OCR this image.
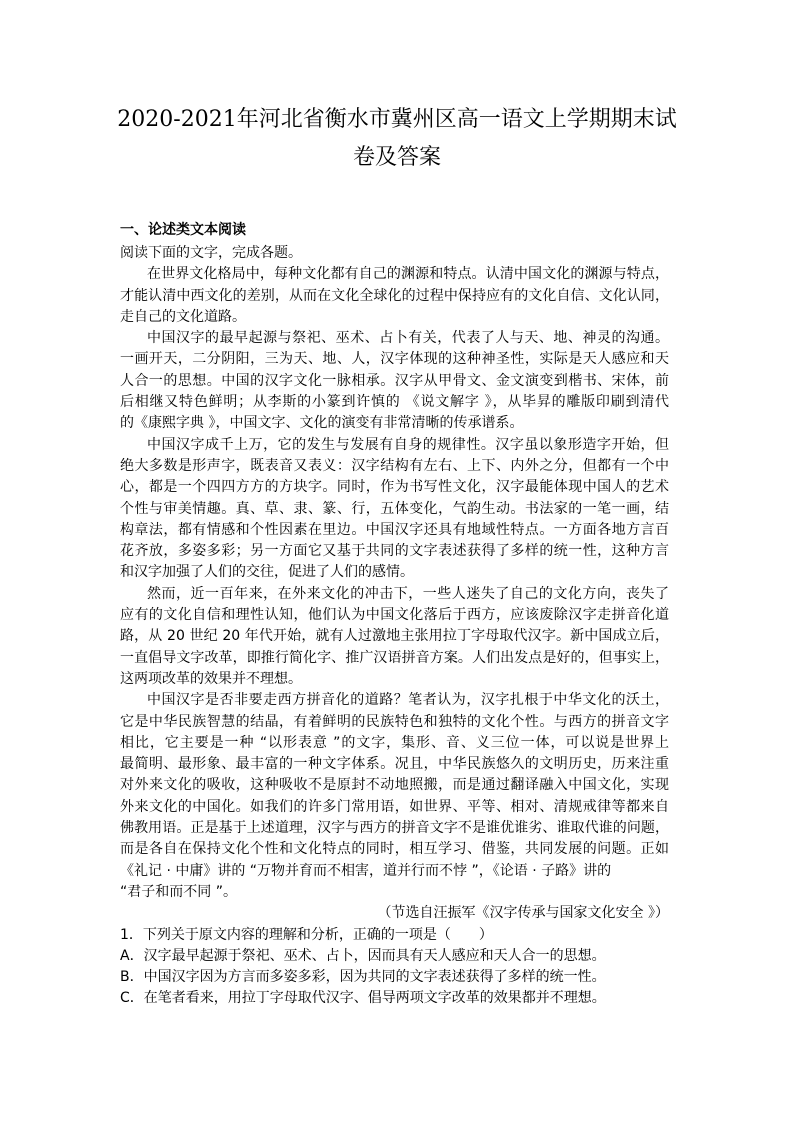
2020-2021年河北省衡水市冀州区高一语文上学期期末试
卷及答案
一、论述类文本阅读
阅读下面的文字，完成各题。
在世界文化格局中，每种文化都有自己的渊源和特点。认清中国文化的渊源与特点，
才能认清中西文化的差别，从而在文化全球化的过程中保持应有的文化自信、文化认同，
走自己的文化道路。
中国汉字的最早起源与祭祀、巫术、占卜有关，代表了人与天、地、神灵的沟通。
一画开天，二分阴阳，三为天、地、人，汉字体现的这种神圣性，实际是天人感应和天
人合一的思想。中国的汉字文化一脉相承。汉字从甲骨文、金文演变到楷书、宋体，前
后相继又特色鲜明；从李斯的小篆到许慎的 《说文解字 》，从毕昇的雕版印刷到清代
的《康熙字典 》，中国文字、文化的演变有非常清晰的传承谱系。
中国汉字成千上万，它的发生与发展有自身的规律性。汉字虽以象形造字开始，但
绝大多数是形声字，既表音又表义：汉字结构有左右、上下、内外之分，但都有一个中
心，都是一个四四方方的方块字。同时，作为书写性文化，汉字最能体现中国人的艺术
个性与审美情趣。真、草、隶、篆、行，五体变化，气韵生动。书法家的一笔一画，结
构章法，都有情感和个性因素在里边。中国汉字还具有地域性特点。一方面各地方言百
花齐放，多姿多彩；另一方面它又基于共同的文字表述获得了多样的统一性，这种方言
和汉字加强了人们的交往，促进了人们的感情。
然而，近一百年来，在外来文化的冲击下，一些人迷失了自己的文化方向，丧失了
应有的文化自信和理性认知，他们认为中国文化落后于西方，应该废除汉字走拼音化道
路，从 20 世纪 20 年代开始，就有人过激地主张用拉丁字母取代汉字。新中国成立后，
一直倡导文字改革，即推行简化字、推广汉语拼音方案。人们出发点是好的，但事实上，
这两项改革的效果并不理想。
中国汉字是否非要走西方拼音化的道路？笔者认为，汉字扎根于中华文化的沃土，
它是中华民族智慧的结晶，有着鲜明的民族特色和独特的文化个性。与西方的拼音文字
相比，它主要是一种 “以形表意 ”的文字，集形、音、义三位一体，可以说是世界上
最简明、最形象、最丰富的一种文字体系。况且，中华民族悠久的文明历史，历来注重
对外来文化的吸收，这种吸收不是原封不动地照搬，而是通过翻译融入中国文化，实现
外来文化的中国化。如我们的许多门常用语，如世界、平等、相对、清规戒律等都来自
佛教用语。正是基于上述道理，汉字与西方的拼音文字不是谁优谁劣、谁取代谁的问题，
而是各自在保持文化个性和文化特点的同时，相互学习、借鉴，共同发展的问题。正如
《礼记 · 中庸》讲的 “万物并育而不相害，道并行而不悖 ”，《论语 · 子路》讲的
“君子和而不同 ”。
（节选自汪振军《汉字传承与国家文化安全 》）
1．下列关于原文内容的理解和分析，正确的一项是（　　）
A．汉字最早起源于祭祀、巫术、占卜，因而具有天人感应和天人合一的思想。
B．中国汉字因为方言而多姿多彩，因为共同的文字表述获得了多样的统一性。
C．在笔者看来，用拉丁字母取代汉字、倡导两项文字改革的效果都并不理想。
